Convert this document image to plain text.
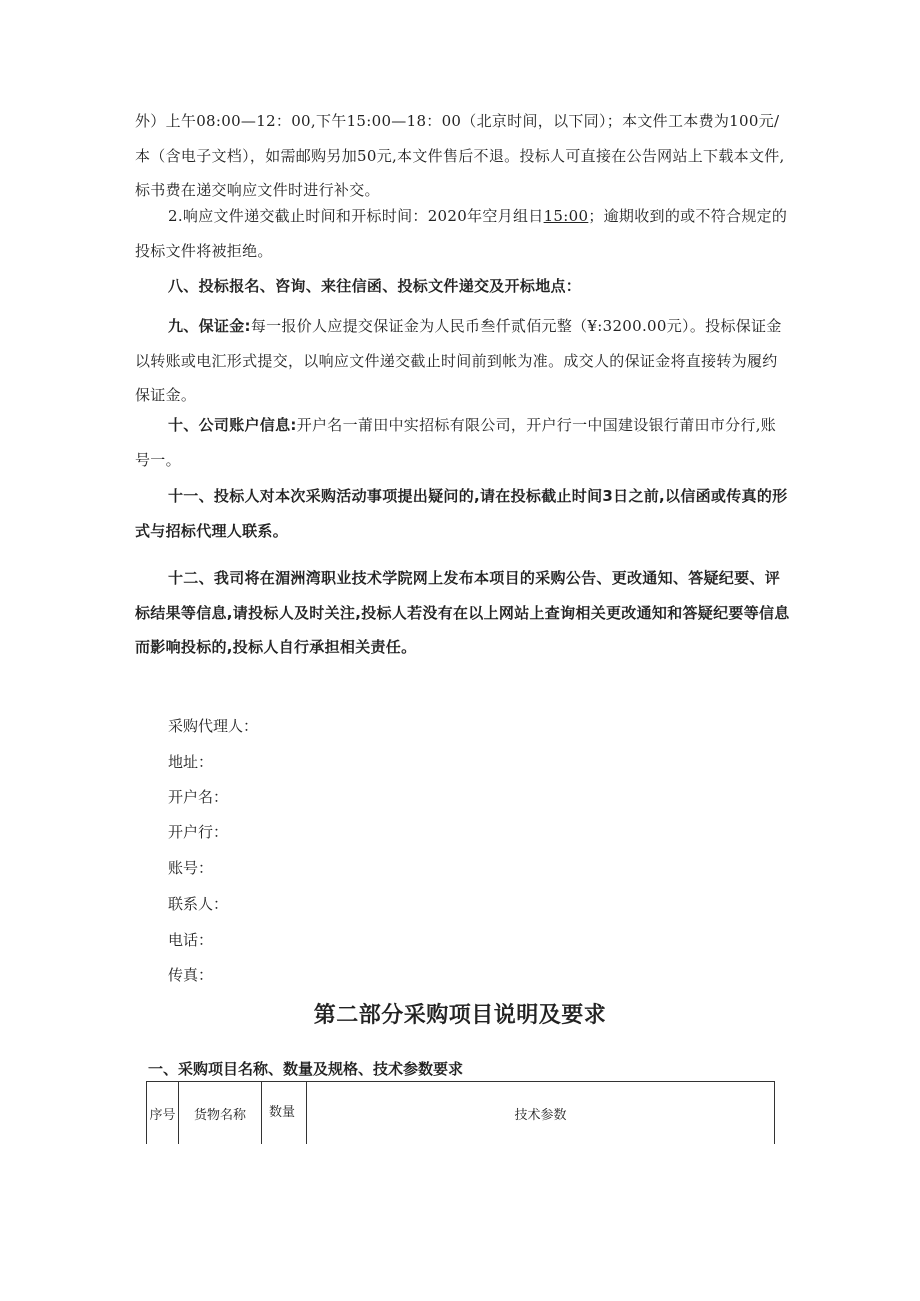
外）上午08:00—12：00,下午15:00—18：00（北京时间，以下同）；本文件工本费为100元/本（含电子文档），如需邮购另加50元,本文件售后不退。投标人可直接在公告网站上下载本文件,标书费在递交响应文件时进行补交。

2.响应文件递交截止时间和开标时间：2020年空月组日15:00；逾期收到的或不符合规定的投标文件将被拒绝。

八、投标报名、咨询、来往信函、投标文件递交及开标地点：

九、保证金:每一报价人应提交保证金为人民币叁仟贰佰元整（¥:3200.00元）。投标保证金以转账或电汇形式提交，以响应文件递交截止时间前到帐为准。成交人的保证金将直接转为履约保证金。

十、公司账户信息:开户名一莆田中实招标有限公司，开户行一中国建设银行莆田市分行,账号一。

十一、投标人对本次采购活动事项提出疑问的,请在投标截止时间3日之前,以信函或传真的形式与招标代理人联系。

十二、我司将在湄洲湾职业技术学院网上发布本项目的采购公告、更改通知、答疑纪要、评标结果等信息,请投标人及时关注,投标人若没有在以上网站上查询相关更改通知和答疑纪要等信息而影响投标的,投标人自行承担相关责任。

采购代理人：

地址：

开户名：

开户行：

账号：

联系人：

电话：

传真：

第二部分采购项目说明及要求

一、采购项目名称、数量及规格、技术参数要求

序号	货物名称	数量	技术参数
